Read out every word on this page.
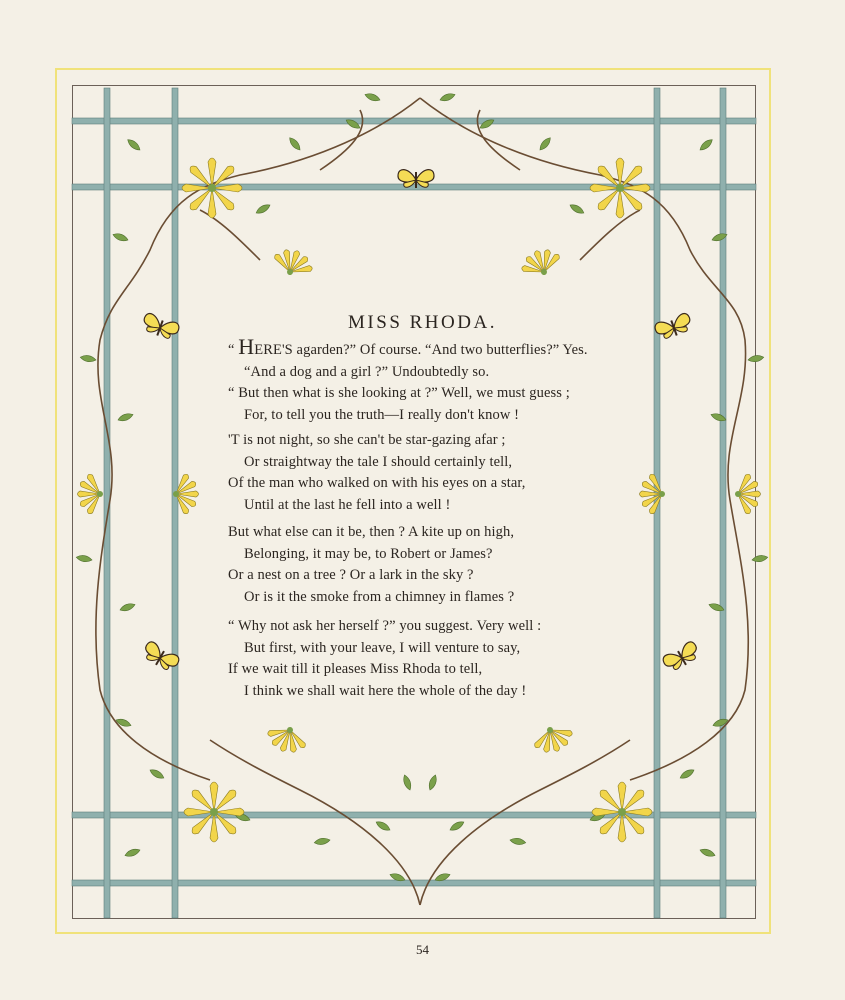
MISS RHODA.

“ HERE'S agarden?” Of course. “And two butterflies?” Yes.
“And a dog and a girl ?” Undoubtedly so.
“ But then what is she looking at ?” Well, we must guess ;
For, to tell you the truth—I really don't know !

'T is not night, so she can't be star-gazing afar ;
Or straightway the tale I should certainly tell,
Of the man who walked on with his eyes on a star,
Until at the last he fell into a well !

But what else can it be, then ? A kite up on high,
Belonging, it may be, to Robert or James?
Or a nest on a tree ? Or a lark in the sky ?
Or is it the smoke from a chimney in flames ?

“ Why not ask her herself ?” you suggest. Very well :
But first, with your leave, I will venture to say,
If we wait till it pleases Miss Rhoda to tell,
I think we shall wait here the whole of the day !

54
